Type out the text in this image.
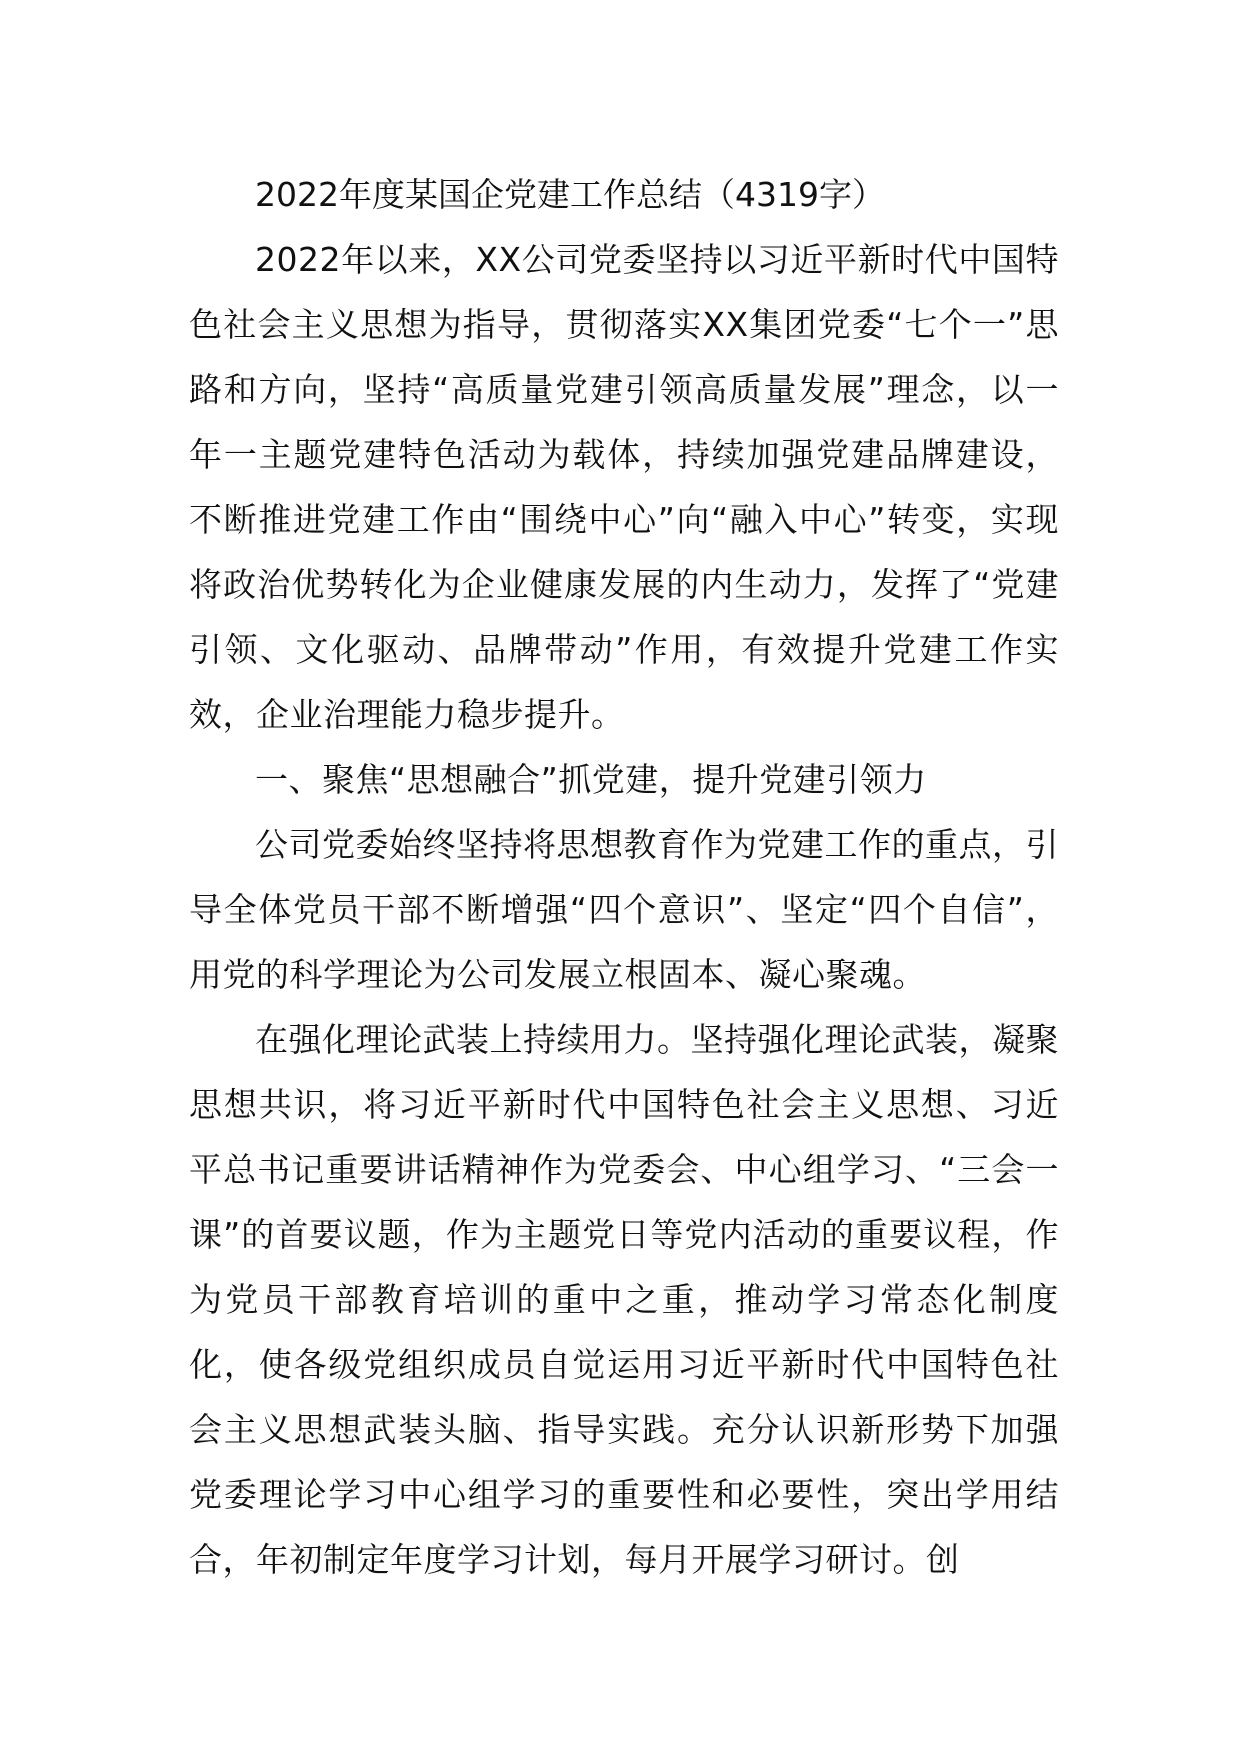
2022年度某国企党建工作总结（4319字）

2022年以来，XX公司党委坚持以习近平新时代中国特色社会主义思想为指导，贯彻落实XX集团党委“七个一”思路和方向，坚持“高质量党建引领高质量发展”理念，以一年一主题党建特色活动为载体，持续加强党建品牌建设，不断推进党建工作由“围绕中心”向“融入中心”转变，实现将政治优势转化为企业健康发展的内生动力，发挥了“党建引领、文化驱动、品牌带动”作用，有效提升党建工作实效，企业治理能力稳步提升。

一、聚焦“思想融合”抓党建，提升党建引领力

公司党委始终坚持将思想教育作为党建工作的重点，引导全体党员干部不断增强“四个意识”、坚定“四个自信”，用党的科学理论为公司发展立根固本、凝心聚魂。

在强化理论武装上持续用力。坚持强化理论武装，凝聚思想共识，将习近平新时代中国特色社会主义思想、习近平总书记重要讲话精神作为党委会、中心组学习、“三会一课”的首要议题，作为主题党日等党内活动的重要议程，作为党员干部教育培训的重中之重，推动学习常态化制度化，使各级党组织成员自觉运用习近平新时代中国特色社会主义思想武装头脑、指导实践。充分认识新形势下加强党委理论学习中心组学习的重要性和必要性，突出学用结合，年初制定年度学习计划，每月开展学习研讨。创
